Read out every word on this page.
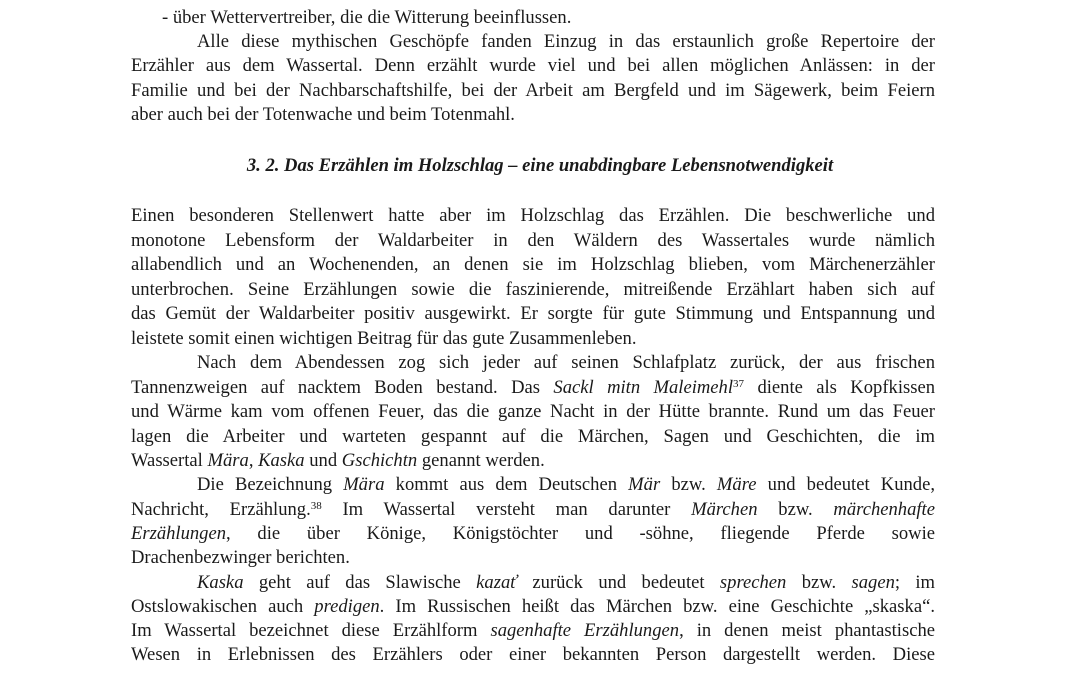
- über Wettervertreiber, die die Witterung beeinflussen.
Alle diese mythischen Geschöpfe fanden Einzug in das erstaunlich große Repertoire der
Erzähler aus dem Wassertal. Denn erzählt wurde viel und bei allen möglichen Anlässen: in der
Familie und bei der Nachbarschaftshilfe, bei der Arbeit am Bergfeld und im Sägewerk, beim Feiern
aber auch bei der Totenwache und beim Totenmahl.
3. 2. Das Erzählen im Holzschlag – eine unabdingbare Lebensnotwendigkeit
Einen besonderen Stellenwert hatte aber im Holzschlag das Erzählen. Die beschwerliche und
monotone Lebensform der Waldarbeiter in den Wäldern des Wassertales wurde nämlich
allabendlich und an Wochenenden, an denen sie im Holzschlag blieben, vom Märchenerzähler
unterbrochen. Seine Erzählungen sowie die faszinierende, mitreißende Erzählart haben sich auf
das Gemüt der Waldarbeiter positiv ausgewirkt. Er sorgte für gute Stimmung und Entspannung und
leistete somit einen wichtigen Beitrag für das gute Zusammenleben.
Nach dem Abendessen zog sich jeder auf seinen Schlafplatz zurück, der aus frischen
Tannenzweigen auf nacktem Boden bestand. Das Sackl mitn Maleimehl$^{37}$ diente als Kopfkissen
und Wärme kam vom offenen Feuer, das die ganze Nacht in der Hütte brannte. Rund um das Feuer
lagen die Arbeiter und warteten gespannt auf die Märchen, Sagen und Geschichten, die im
Wassertal Mära, Kaska und Gschichtn genannt werden.
Die Bezeichnung Mära kommt aus dem Deutschen Mär bzw. Märe und bedeutet Kunde,
Nachricht, Erzählung.$^{38}$ Im Wassertal versteht man darunter Märchen bzw. märchenhafte
Erzählungen, die über Könige, Königstöchter und -söhne, fliegende Pferde sowie
Drachenbezwinger berichten.
Kaska geht auf das Slawische kazať zurück und bedeutet sprechen bzw. sagen; im
Ostslowakischen auch predigen. Im Russischen heißt das Märchen bzw. eine Geschichte „skaska“.
Im Wassertal bezeichnet diese Erzählform sagenhafte Erzählungen, in denen meist phantastische
Wesen in Erlebnissen des Erzählers oder einer bekannten Person dargestellt werden. Diese
